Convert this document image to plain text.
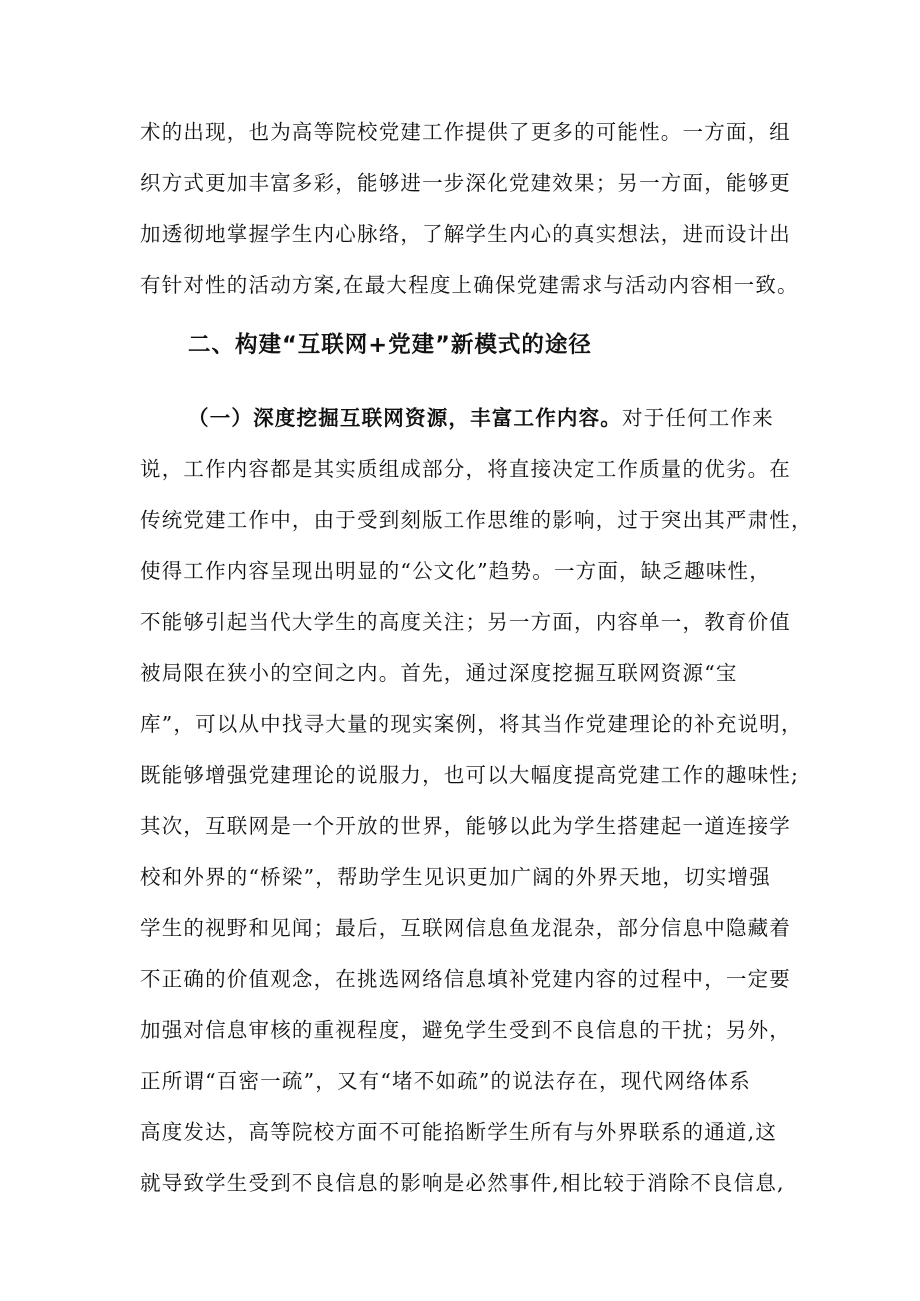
术的出现，也为高等院校党建工作提供了更多的可能性。一方面，组
织方式更加丰富多彩，能够进一步深化党建效果；另一方面，能够更
加透彻地掌握学生内心脉络，了解学生内心的真实想法，进而设计出
有针对性的活动方案,在最大程度上确保党建需求与活动内容相一致。
二、构建“互联网+党建”新模式的途径
（一）深度挖掘互联网资源，丰富工作内容。对于任何工作来
说，工作内容都是其实质组成部分，将直接决定工作质量的优劣。在
传统党建工作中，由于受到刻版工作思维的影响，过于突出其严肃性，
使得工作内容呈现出明显的“公文化”趋势。一方面，缺乏趣味性，
不能够引起当代大学生的高度关注；另一方面，内容单一，教育价值
被局限在狭小的空间之内。首先，通过深度挖掘互联网资源“宝
库”，可以从中找寻大量的现实案例，将其当作党建理论的补充说明，
既能够增强党建理论的说服力，也可以大幅度提高党建工作的趣味性;
其次，互联网是一个开放的世界，能够以此为学生搭建起一道连接学
校和外界的“桥梁”，帮助学生见识更加广阔的外界天地，切实增强
学生的视野和见闻；最后，互联网信息鱼龙混杂，部分信息中隐藏着
不正确的价值观念，在挑选网络信息填补党建内容的过程中，一定要
加强对信息审核的重视程度，避免学生受到不良信息的干扰；另外，
正所谓“百密一疏”，又有“堵不如疏”的说法存在，现代网络体系
高度发达，高等院校方面不可能掐断学生所有与外界联系的通道,这
就导致学生受到不良信息的影响是必然事件,相比较于消除不良信息,
